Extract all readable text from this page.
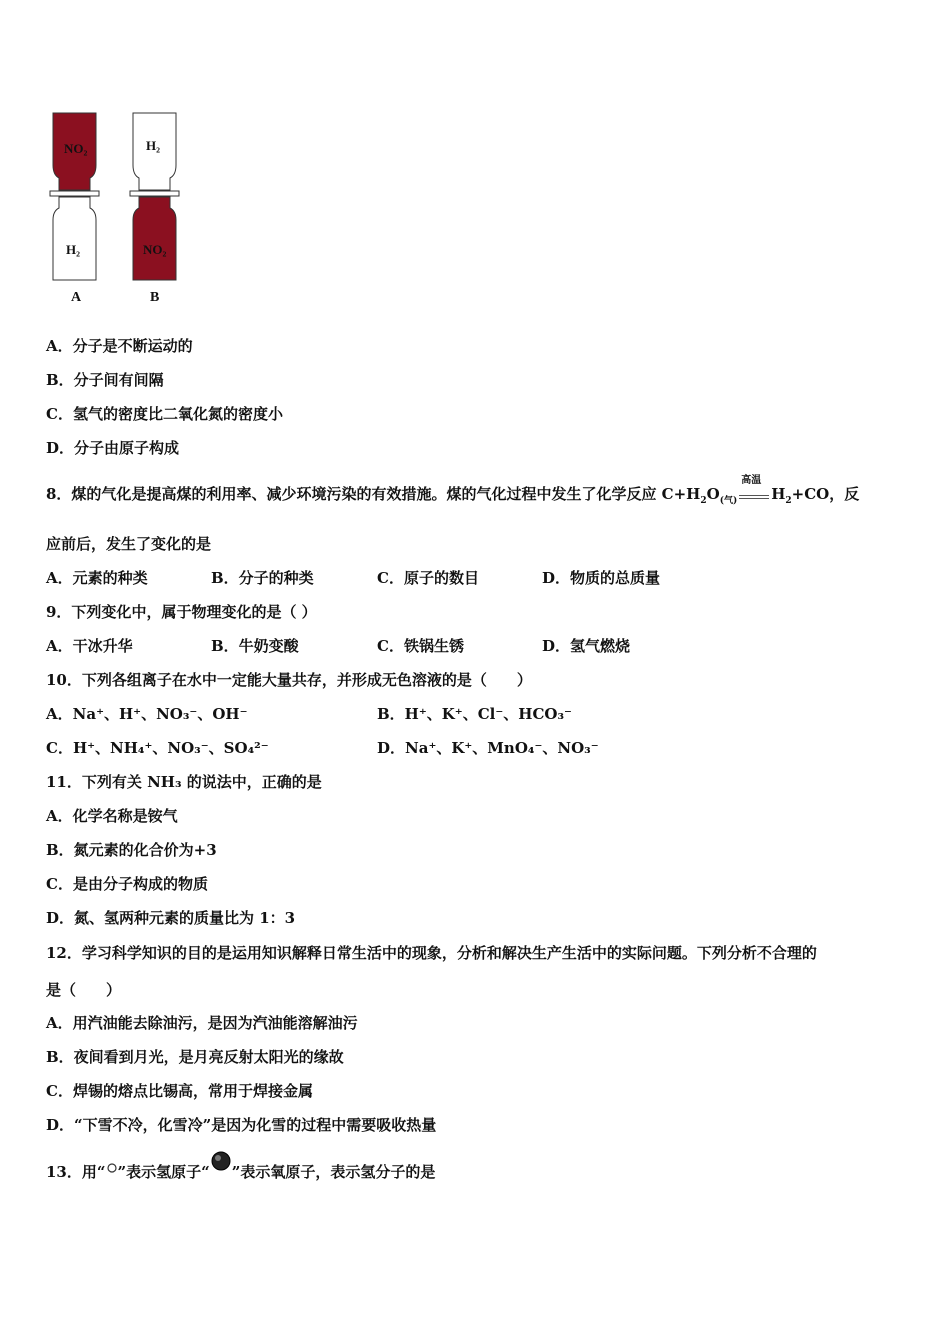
NO₂
H₂
A
H₂
NO₂
B
A．分子是不断运动的
B．分子间有间隔
C．氢气的密度比二氧化氮的密度小
D．分子由原子构成
8．煤的气化是提高煤的利用率、减少环境污染的有效措施。煤的气化过程中发生了化学反应 $C+H_2O_{(气)}$
高温
$H_2+CO$，反
应前后，发生了变化的是
A．元素的种类	B．分子的种类	C．原子的数目	D．物质的总质量
9．下列变化中，属于物理变化的是（ ）
A．干冰升华	B．牛奶变酸	C．铁锅生锈	D．氢气燃烧
10．下列各组离子在水中一定能大量共存，并形成无色溶液的是（　　）
A．Na⁺、H⁺、NO₃⁻、OH⁻	B．H⁺、K⁺、Cl⁻、HCO₃⁻
C．H⁺、NH₄⁺、NO₃⁻、SO₄²⁻	D．Na⁺、K⁺、MnO₄⁻、NO₃⁻
11．下列有关 NH₃ 的说法中，正确的是
A．化学名称是铵气
B．氮元素的化合价为+3
C．是由分子构成的物质
D．氮、氢两种元素的质量比为 1：3
12．学习科学知识的目的是运用知识解释日常生活中的现象，分析和解决生产生活中的实际问题。下列分析不合理的
是（　　）
A．用汽油能去除油污，是因为汽油能溶解油污
B．夜间看到月光，是月亮反射太阳光的缘故
C．焊锡的熔点比锡高，常用于焊接金属
D．“下雪不冷，化雪冷”是因为化雪的过程中需要吸收热量
13．用“ ”表示氢原子“ ”表示氧原子，表示氢分子的是
